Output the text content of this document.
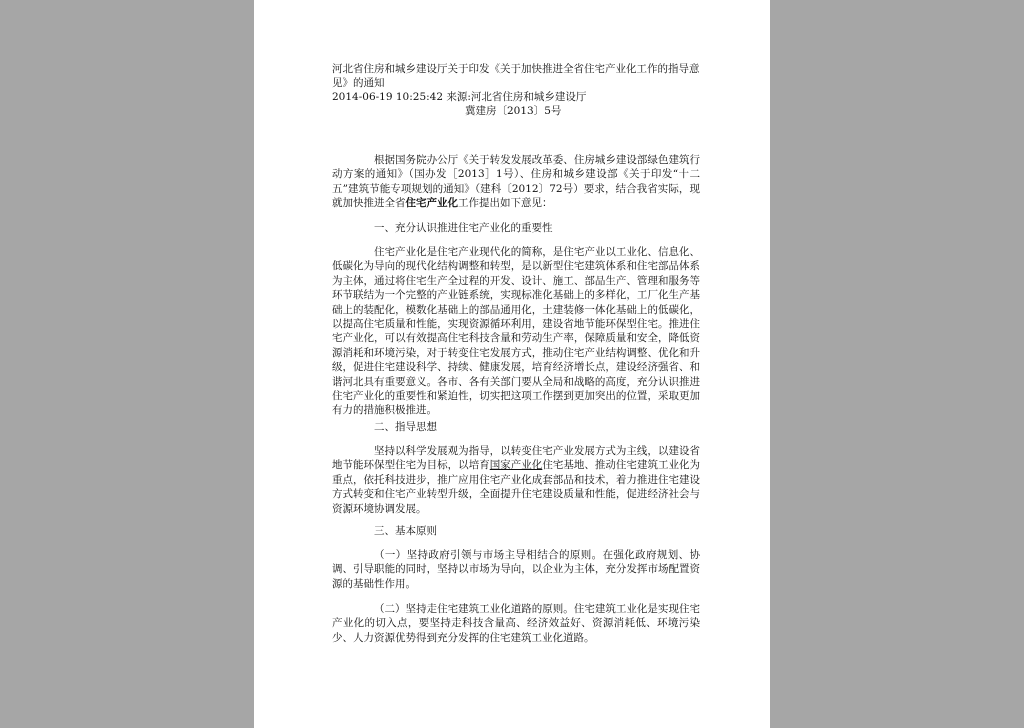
河北省住房和城乡建设厅关于印发《关于加快推进全省住宅产业化工作的指导意见》的通知

2014-06-19 10:25:42 来源:河北省住房和城乡建设厅

冀建房〔2013〕5号

根据国务院办公厅《关于转发发展改革委、住房城乡建设部绿色建筑行动方案的通知》（国办发［2013］1号）、住房和城乡建设部《关于印发“十二五”建筑节能专项规划的通知》（建科〔2012〕72号）要求，结合我省实际，现就加快推进全省住宅产业化工作提出如下意见：

一、充分认识推进住宅产业化的重要性

住宅产业化是住宅产业现代化的简称，是住宅产业以工业化、信息化、低碳化为导向的现代化结构调整和转型，是以新型住宅建筑体系和住宅部品体系为主体，通过将住宅生产全过程的开发、设计、施工、部品生产、管理和服务等环节联结为一个完整的产业链系统，实现标准化基础上的多样化，工厂化生产基础上的装配化，模数化基础上的部品通用化，土建装修一体化基础上的低碳化，以提高住宅质量和性能，实现资源循环利用，建设省地节能环保型住宅。推进住宅产业化，可以有效提高住宅科技含量和劳动生产率，保障质量和安全，降低资源消耗和环境污染，对于转变住宅发展方式，推动住宅产业结构调整、优化和升级，促进住宅建设科学、持续、健康发展，培育经济增长点，建设经济强省、和谐河北具有重要意义。各市、各有关部门要从全局和战略的高度，充分认识推进住宅产业化的重要性和紧迫性，切实把这项工作摆到更加突出的位置，采取更加有力的措施积极推进。

二、指导思想

坚持以科学发展观为指导，以转变住宅产业发展方式为主线，以建设省地节能环保型住宅为目标，以培育国家产业化住宅基地、推动住宅建筑工业化为重点，依托科技进步，推广应用住宅产业化成套部品和技术，着力推进住宅建设方式转变和住宅产业转型升级，全面提升住宅建设质量和性能，促进经济社会与资源环境协调发展。

三、基本原则

（一）坚持政府引领与市场主导相结合的原则。在强化政府规划、协调、引导职能的同时，坚持以市场为导向，以企业为主体，充分发挥市场配置资源的基础性作用。

（二）坚持走住宅建筑工业化道路的原则。住宅建筑工业化是实现住宅产业化的切入点，要坚持走科技含量高、经济效益好、资源消耗低、环境污染少、人力资源优势得到充分发挥的住宅建筑工业化道路。
